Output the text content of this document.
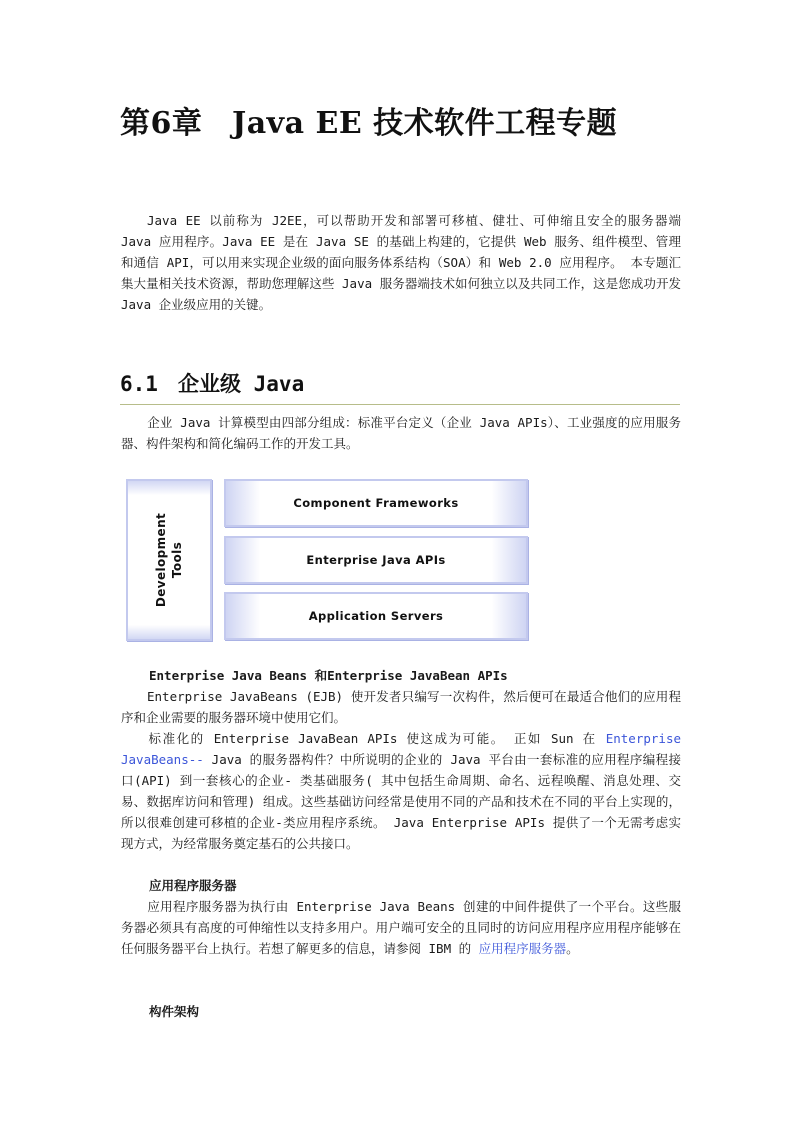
第6章 Java EE 技术软件工程专题

Java EE 以前称为 J2EE，可以帮助开发和部署可移植、健壮、可伸缩且安全的服务器端 Java 应用程序。Java EE 是在 Java SE 的基础上构建的，它提供 Web 服务、组件模型、管理和通信 API，可以用来实现企业级的面向服务体系结构（SOA）和 Web 2.0 应用程序。 本专题汇集大量相关技术资源，帮助您理解这些 Java 服务器端技术如何独立以及共同工作，这是您成功开发 Java 企业级应用的关键。

6.1 企业级 Java

企业 Java 计算模型由四部分组成：标准平台定义（企业 Java APIs）、工业强度的应用服务器、构件架构和简化编码工作的开发工具。

Development Tools
Component Frameworks
Enterprise Java APIs
Application Servers
Enterprise Java Beans 和Enterprise JavaBean APIs

Enterprise JavaBeans (EJB) 使开发者只编写一次构件，然后便可在最适合他们的应用程序和企业需要的服务器环境中使用它们。

标准化的 Enterprise JavaBean APIs 使这成为可能。 正如 Sun 在 Enterprise JavaBeans-- Java 的服务器构件？中所说明的企业的 Java 平台由一套标准的应用程序编程接口(API) 到一套核心的企业- 类基础服务( 其中包括生命周期、命名、远程唤醒、消息处理、交易、数据库访问和管理) 组成。这些基础访问经常是使用不同的产品和技术在不同的平台上实现的，所以很难创建可移植的企业-类应用程序系统。 Java Enterprise APIs 提供了一个无需考虑实现方式，为经常服务奠定基石的公共接口。

应用程序服务器

应用程序服务器为执行由 Enterprise Java Beans 创建的中间件提供了一个平台。这些服务器必须具有高度的可伸缩性以支持多用户。用户端可安全的且同时的访问应用程序应用程序能够在任何服务器平台上执行。若想了解更多的信息，请参阅 IBM 的 应用程序服务器。

构件架构
